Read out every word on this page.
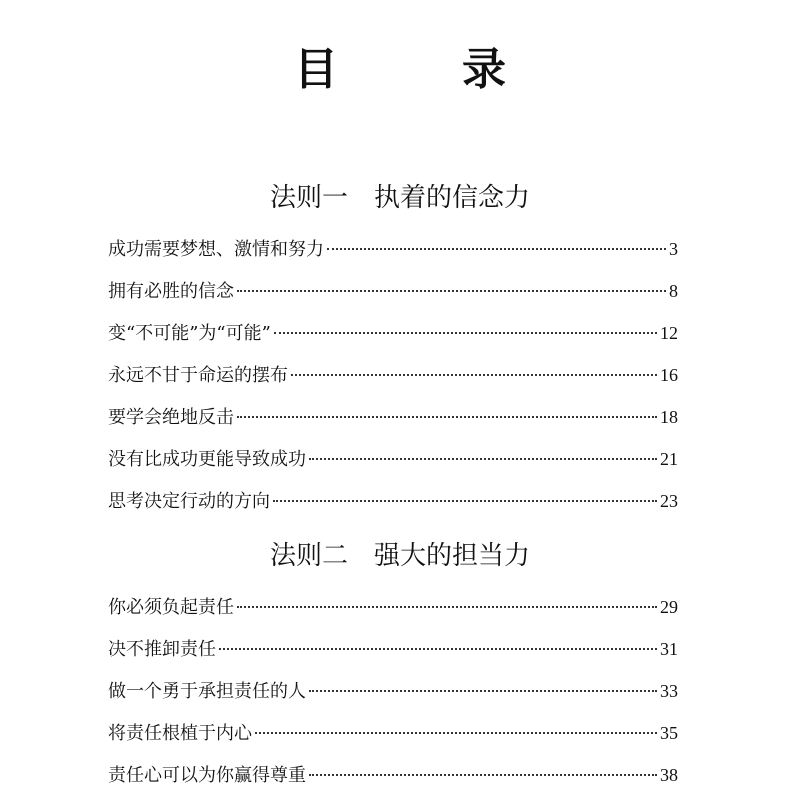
目　录
法则一 执着的信念力
成功需要梦想、激情和努力	3
拥有必胜的信念	8
变“不可能”为“可能”	12
永远不甘于命运的摆布	16
要学会绝地反击	18
没有比成功更能导致成功	21
思考决定行动的方向	23
法则二 强大的担当力
你必须负起责任	29
决不推卸责任	31
做一个勇于承担责任的人	33
将责任根植于内心	35
责任心可以为你赢得尊重	38
